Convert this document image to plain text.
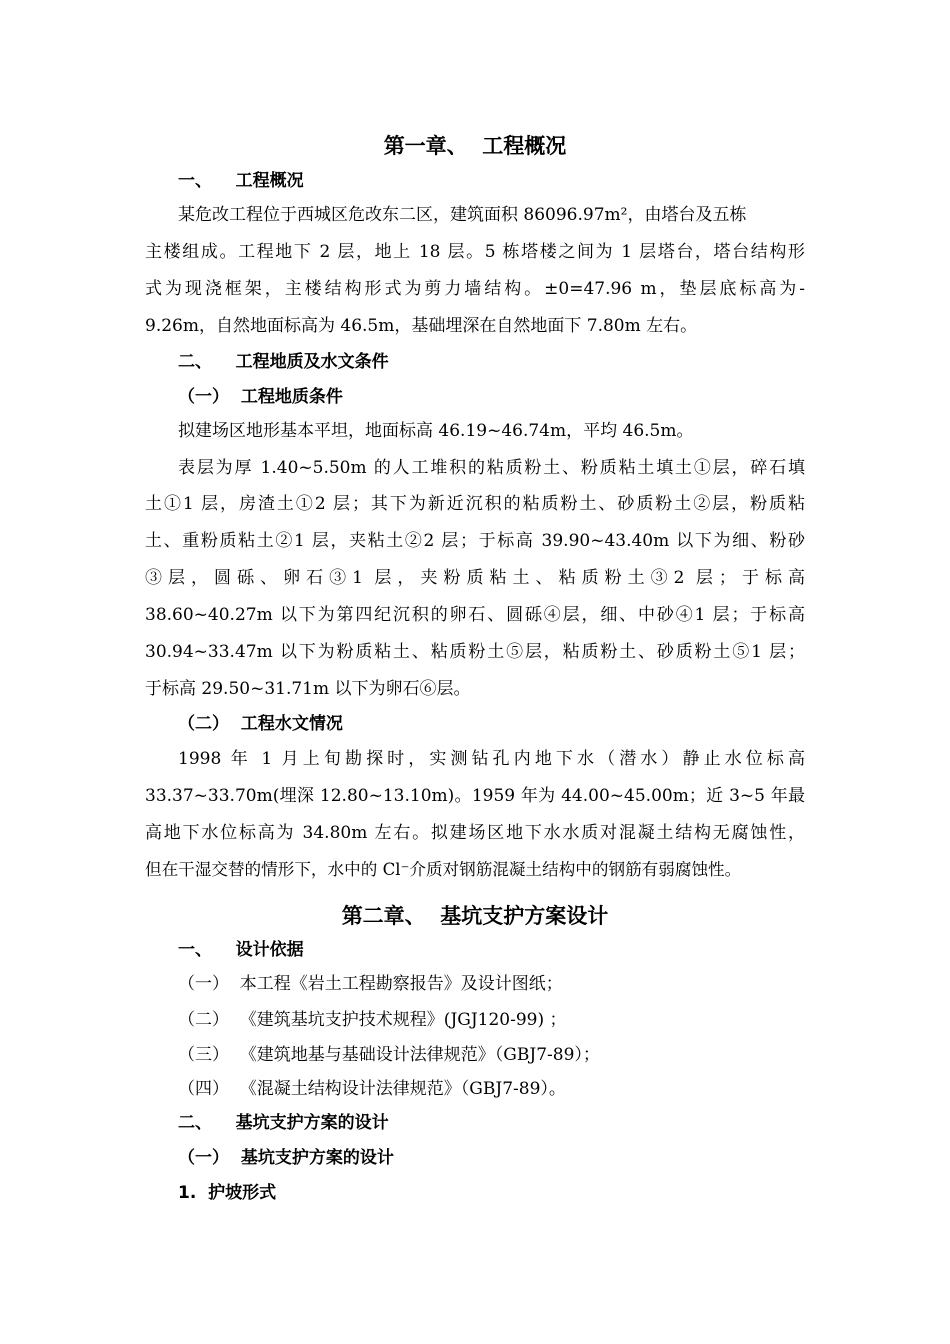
第一章、  工程概况
一、    工程概况
某危改工程位于西城区危改东二区，建筑面积 86096.97m²，由塔台及五栋
主楼组成。工程地下 2 层，地上 18 层。5 栋塔楼之间为 1 层塔台，塔台结构形
式为现浇框架，主楼结构形式为剪力墙结构。±0=47.96 m，垫层底标高为-
9.26m，自然地面标高为 46.5m，基础埋深在自然地面下 7.80m 左右。
二、    工程地质及水文条件
（一）  工程地质条件
拟建场区地形基本平坦，地面标高 46.19~46.74m，平均 46.5m。
表层为厚 1.40~5.50m 的人工堆积的粘质粉土、粉质粘土填土①层，碎石填
土①1 层，房渣土①2 层；其下为新近沉积的粘质粉土、砂质粉土②层，粉质粘
土、重粉质粘土②1 层，夹粘土②2 层；于标高 39.90~43.40m 以下为细、粉砂
③层，圆砾、卵石③1 层，夹粉质粘土、粘质粉土③2 层；于标高
38.60~40.27m 以下为第四纪沉积的卵石、圆砾④层，细、中砂④1 层；于标高
30.94~33.47m 以下为粉质粘土、粘质粉土⑤层，粘质粉土、砂质粉土⑤1 层；
于标高 29.50~31.71m 以下为卵石⑥层。
（二）  工程水文情况
1998 年 1 月上旬勘探时，实测钻孔内地下水（潜水）静止水位标高
33.37~33.70m(埋深 12.80~13.10m)。1959 年为 44.00~45.00m；近 3~5 年最
高地下水位标高为 34.80m 左右。拟建场区地下水水质对混凝土结构无腐蚀性，
但在干湿交替的情形下，水中的 Cl⁻介质对钢筋混凝土结构中的钢筋有弱腐蚀性。
第二章、  基坑支护方案设计
一、    设计依据
（一）  本工程《岩土工程勘察报告》及设计图纸；
（二）  《建筑基坑支护技术规程》(JGJ120-99) ；
（三）  《建筑地基与基础设计法律规范》（GBJ7-89）；
（四）  《混凝土结构设计法律规范》（GBJ7-89）。
二、    基坑支护方案的设计
（一）  基坑支护方案的设计
1.  护坡形式
